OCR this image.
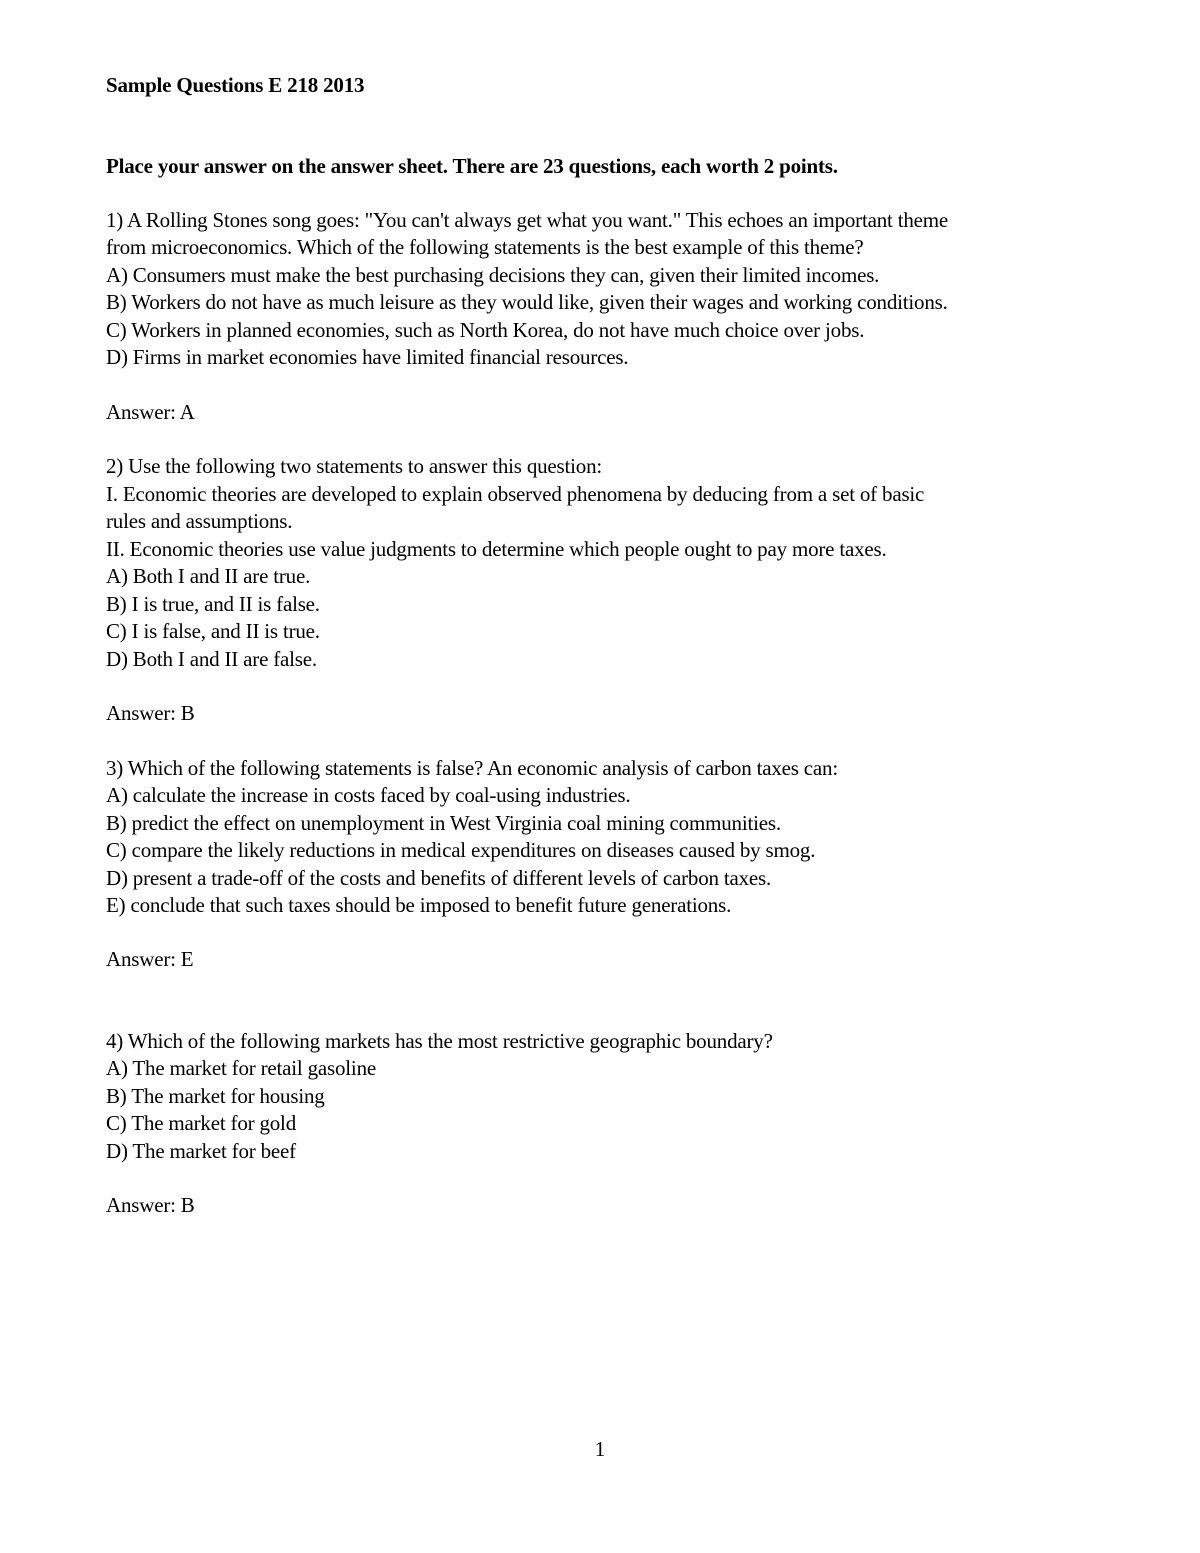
Sample Questions E 218 2013
Place your answer on the answer sheet. There are 23 questions, each worth 2 points.
1) A Rolling Stones song goes: "You can't always get what you want." This echoes an important theme
from microeconomics. Which of the following statements is the best example of this theme?
A) Consumers must make the best purchasing decisions they can, given their limited incomes.
B) Workers do not have as much leisure as they would like, given their wages and working conditions.
C) Workers in planned economies, such as North Korea, do not have much choice over jobs.
D) Firms in market economies have limited financial resources.
Answer: A
2) Use the following two statements to answer this question:
I. Economic theories are developed to explain observed phenomena by deducing from a set of basic
rules and assumptions.
II. Economic theories use value judgments to determine which people ought to pay more taxes.
A) Both I and II are true.
B) I is true, and II is false.
C) I is false, and II is true.
D) Both I and II are false.
Answer: B
3) Which of the following statements is false? An economic analysis of carbon taxes can:
A) calculate the increase in costs faced by coal-using industries.
B) predict the effect on unemployment in West Virginia coal mining communities.
C) compare the likely reductions in medical expenditures on diseases caused by smog.
D) present a trade-off of the costs and benefits of different levels of carbon taxes.
E) conclude that such taxes should be imposed to benefit future generations.
Answer: E
4) Which of the following markets has the most restrictive geographic boundary?
A) The market for retail gasoline
B) The market for housing
C) The market for gold
D) The market for beef
Answer: B
1
